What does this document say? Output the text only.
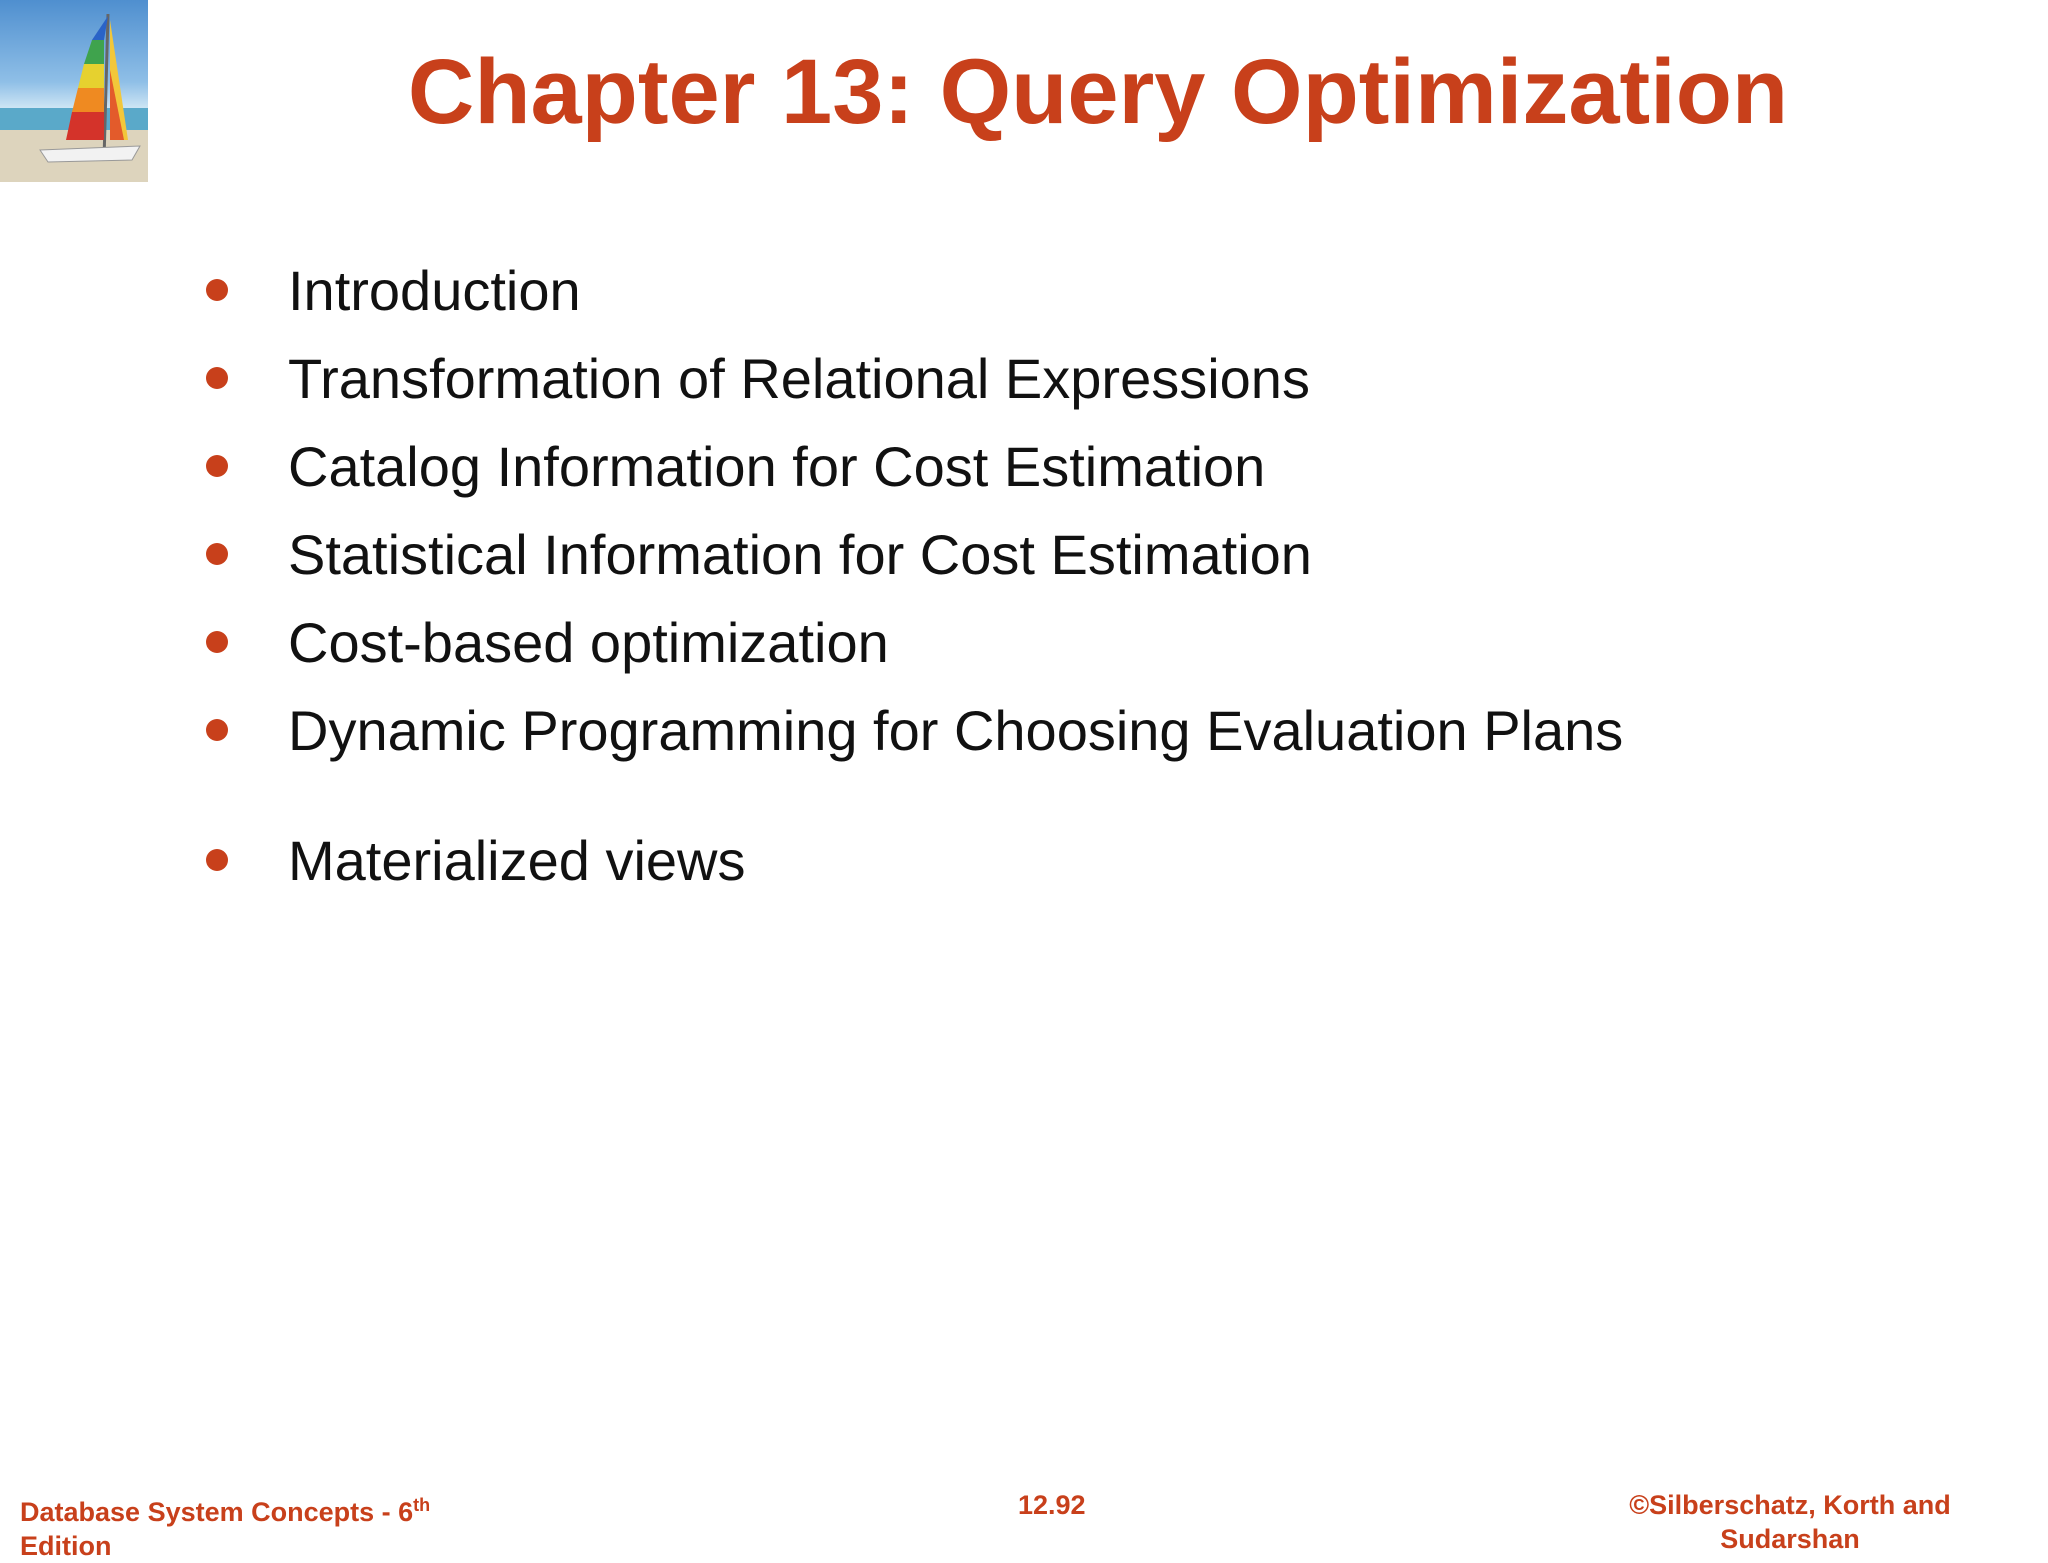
Chapter 13: Query Optimization
Introduction
Transformation of Relational Expressions
Catalog Information for Cost Estimation
Statistical Information for Cost Estimation
Cost-based optimization
Dynamic Programming for Choosing Evaluation Plans
Materialized views
Database System Concepts - 6th Edition
12.92	©Silberschatz, Korth and Sudarshan
